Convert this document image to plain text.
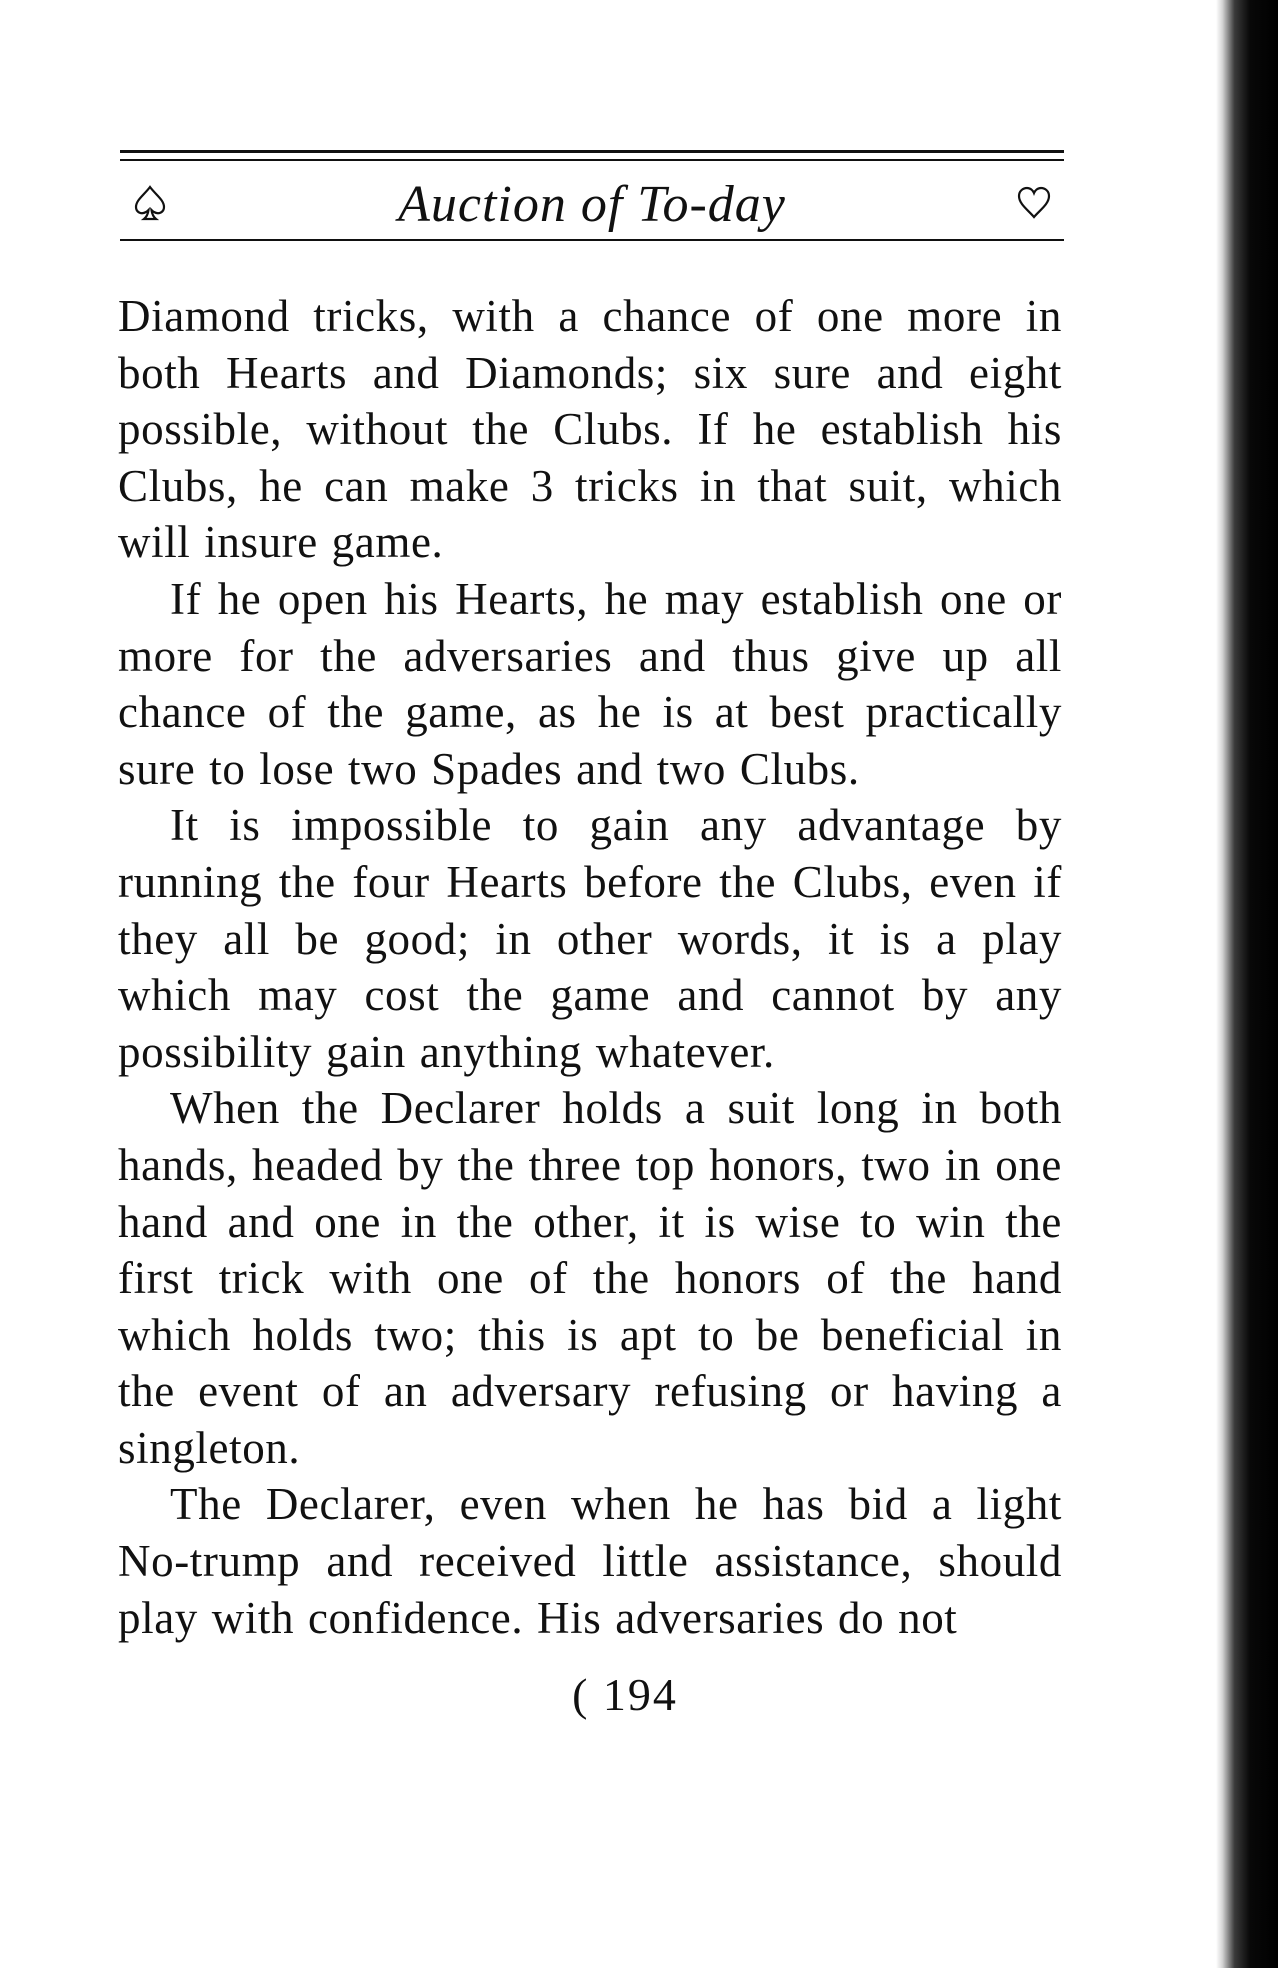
Auction of To-day

Diamond tricks, with a chance of one more in both Hearts and Diamonds; six sure and eight possible, without the Clubs. If he establish his Clubs, he can make 3 tricks in that suit, which will insure game.

If he open his Hearts, he may establish one or more for the adversaries and thus give up all chance of the game, as he is at best practically sure to lose two Spades and two Clubs.

It is impossible to gain any advantage by running the four Hearts before the Clubs, even if they all be good; in other words, it is a play which may cost the game and cannot by any possibility gain anything whatever.

When the Declarer holds a suit long in both hands, headed by the three top honors, two in one hand and one in the other, it is wise to win the first trick with one of the honors of the hand which holds two; this is apt to be beneficial in the event of an adversary refusing or having a singleton.

The Declarer, even when he has bid a light No-trump and received little assistance, should play with confidence. His adversaries do not

( 194
